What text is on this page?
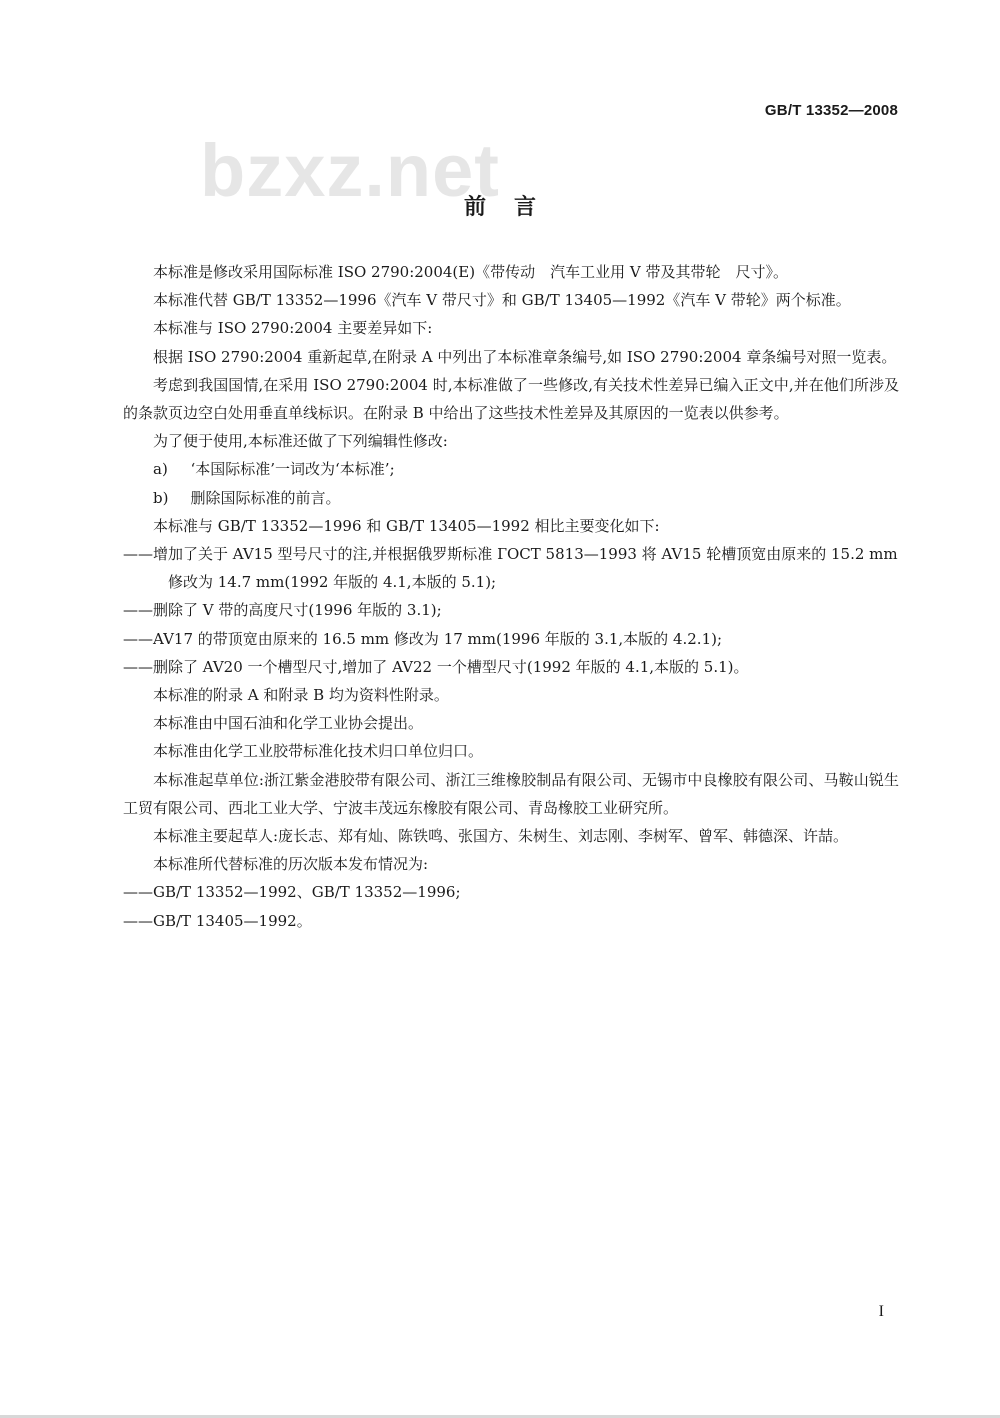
bzxz.net
GB/T 13352—2008
前言

本标准是修改采用国际标准 ISO 2790:2004(E)《带传动　汽车工业用 V 带及其带轮　尺寸》。

本标准代替 GB/T 13352—1996《汽车 V 带尺寸》和 GB/T 13405—1992《汽车 V 带轮》两个标准。

本标准与 ISO 2790:2004 主要差异如下:

根据 ISO 2790:2004 重新起草,在附录 A 中列出了本标准章条编号,如 ISO 2790:2004 章条编号对照一览表。

考虑到我国国情,在采用 ISO 2790:2004 时,本标准做了一些修改,有关技术性差异已编入正文中,并在他们所涉及的条款页边空白处用垂直单线标识。在附录 B 中给出了这些技术性差异及其原因的一览表以供参考。

为了便于使用,本标准还做了下列编辑性修改:

a) ‘本国际标准’一词改为‘本标准’;

b) 删除国际标准的前言。

本标准与 GB/T 13352—1996 和 GB/T 13405—1992 相比主要变化如下:

——增加了关于 AV15 型号尺寸的注,并根据俄罗斯标准 ГОСТ 5813—1993 将 AV15 轮槽顶宽由原来的 15.2 mm 修改为 14.7 mm(1992 年版的 4.1,本版的 5.1);

——删除了 V 带的高度尺寸(1996 年版的 3.1);

——AV17 的带顶宽由原来的 16.5 mm 修改为 17 mm(1996 年版的 3.1,本版的 4.2.1);

——删除了 AV20 一个槽型尺寸,增加了 AV22 一个槽型尺寸(1992 年版的 4.1,本版的 5.1)。

本标准的附录 A 和附录 B 均为资料性附录。

本标准由中国石油和化学工业协会提出。

本标准由化学工业胶带标准化技术归口单位归口。

本标准起草单位:浙江紫金港胶带有限公司、浙江三维橡胶制品有限公司、无锡市中良橡胶有限公司、马鞍山锐生工贸有限公司、西北工业大学、宁波丰茂远东橡胶有限公司、青岛橡胶工业研究所。

本标准主要起草人:庞长志、郑有灿、陈铁鸣、张国方、朱树生、刘志刚、李树军、曾军、韩德深、许喆。

本标准所代替标准的历次版本发布情况为:

——GB/T 13352—1992、GB/T 13352—1996;

——GB/T 13405—1992。

I
